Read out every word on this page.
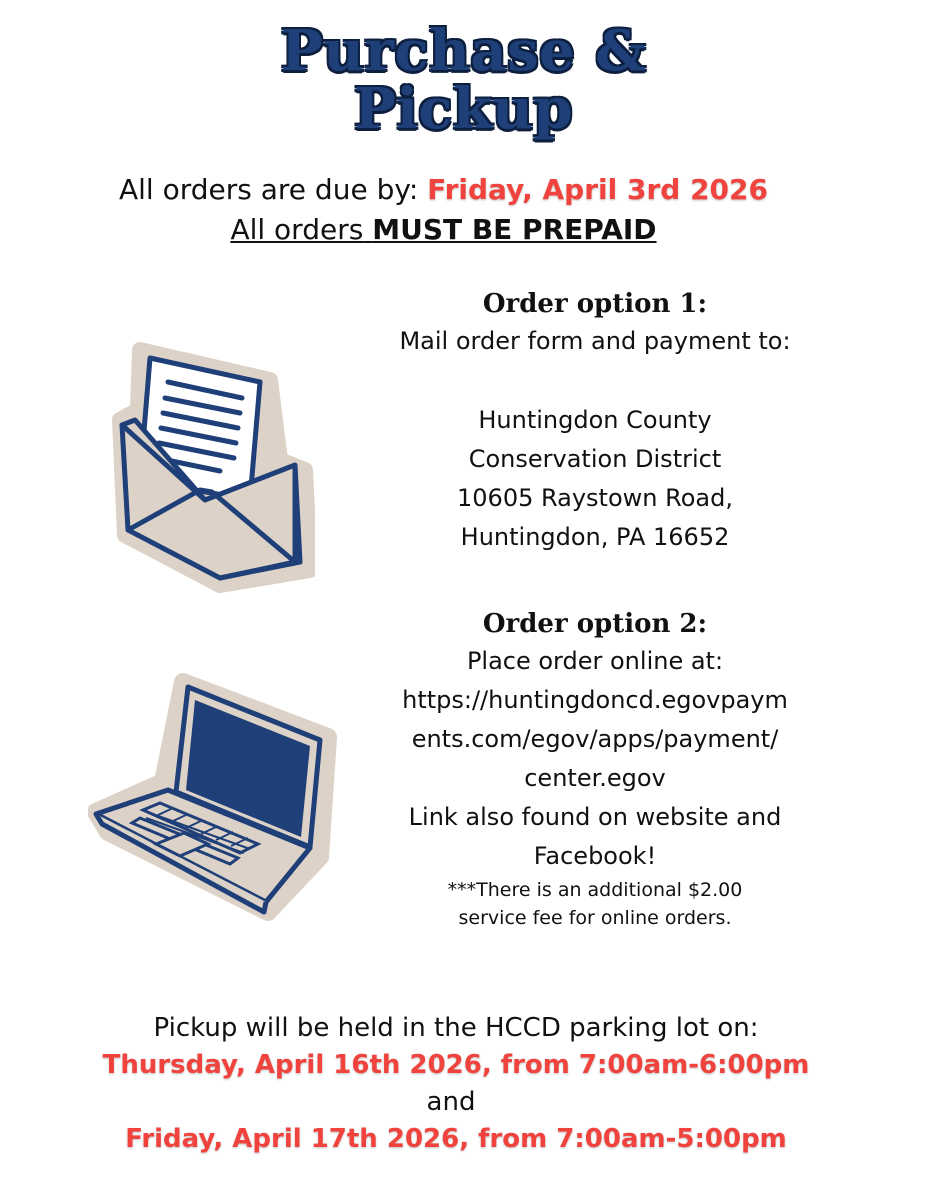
Purchase &
Pickup
All orders are due by: Friday, April 3rd 2026
All orders MUST BE PREPAID
Order option 1:
Mail order form and payment to:
Huntingdon County
Conservation District
10605 Raystown Road,
Huntingdon, PA 16652
Order option 2:
Place order online at:
https://huntingdoncd.egovpaym
ents.com/egov/apps/payment/
center.egov
Link also found on website and
Facebook!
***There is an additional $2.00
service fee for online orders.
Pickup will be held in the HCCD parking lot on:
Thursday, April 16th 2026, from 7:00am-6:00pm
and
Friday, April 17th 2026, from 7:00am-5:00pm
